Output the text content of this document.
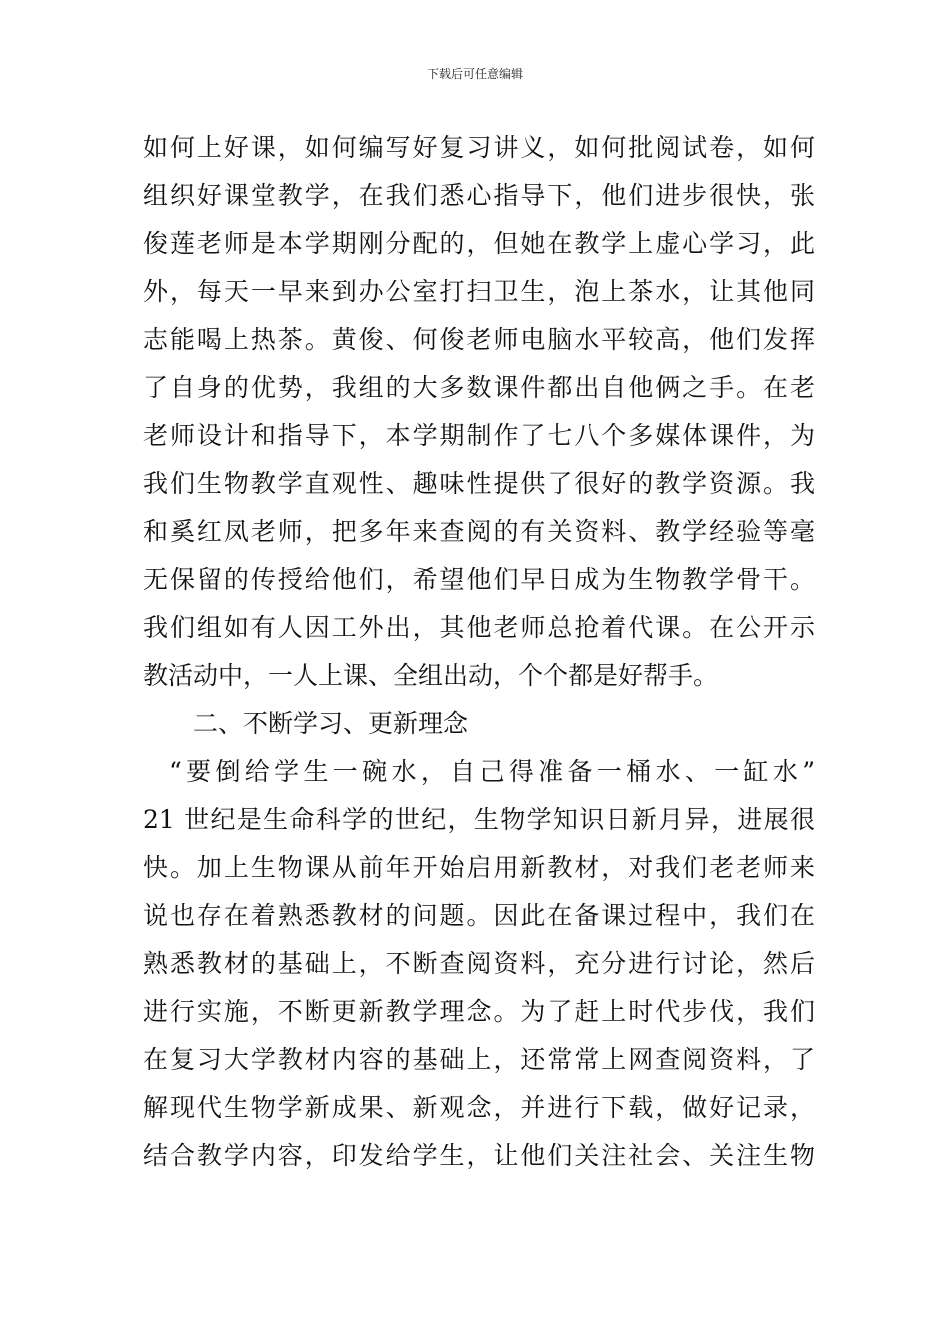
下载后可任意编辑
如何上好课，如何编写好复习讲义，如何批阅试卷，如何
组织好课堂教学，在我们悉心指导下，他们进步很快，张
俊莲老师是本学期刚分配的，但她在教学上虚心学习，此
外，每天一早来到办公室打扫卫生，泡上茶水，让其他同
志能喝上热茶。黄俊、何俊老师电脑水平较高，他们发挥
了自身的优势，我组的大多数课件都出自他俩之手。在老
老师设计和指导下，本学期制作了七八个多媒体课件，为
我们生物教学直观性、趣味性提供了很好的教学资源。我
和奚红凤老师，把多年来查阅的有关资料、教学经验等毫
无保留的传授给他们，希望他们早日成为生物教学骨干。
我们组如有人因工外出，其他老师总抢着代课。在公开示
教活动中，一人上课、全组出动，个个都是好帮手。
二、不断学习、更新理念
“要倒给学生一碗水，自己得准备一桶水、一缸水”
21 世纪是生命科学的世纪，生物学知识日新月异，进展很
快。加上生物课从前年开始启用新教材，对我们老老师来
说也存在着熟悉教材的问题。因此在备课过程中，我们在
熟悉教材的基础上，不断查阅资料，充分进行讨论，然后
进行实施，不断更新教学理念。为了赶上时代步伐，我们
在复习大学教材内容的基础上，还常常上网查阅资料，了
解现代生物学新成果、新观念，并进行下载，做好记录，
结合教学内容，印发给学生，让他们关注社会、关注生物
